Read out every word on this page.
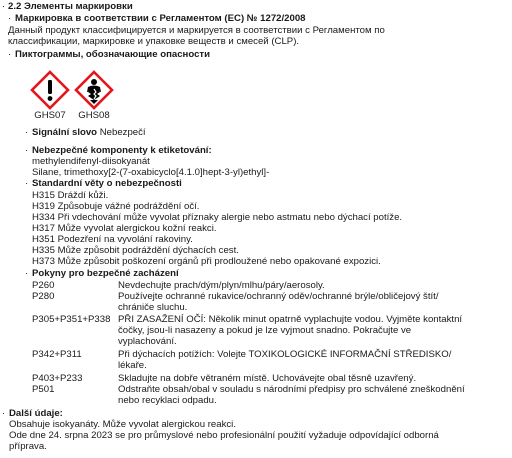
· 2.2 Элементы маркировки
· Маркировка в соответствии с Регламентом (ЕС) № 1272/2008
Данный продукт классифицируется и маркируется в соответствии с Регламентом по
классификации, маркировке и упаковке веществ и смесей (CLP).
· Пиктограммы, обозначающие опасности
GHS07	GHS08
· Signální slovo Nebezpečí
· Nebezpečné komponenty k etiketování:
methylendifenyl-diisokyanát
Silane, trimethoxy[2-(7-oxabicyclo[4.1.0]hept-3-yl)ethyl]-
· Standardní věty o nebezpečnosti
H315 Dráždí kůži.
H319 Způsobuje vážné podráždění očí.
H334 Při vdechování může vyvolat příznaky alergie nebo astmatu nebo dýchací potíže.
H317 Může vyvolat alergickou kožní reakci.
H351 Podezření na vyvolání rakoviny.
H335 Může způsobit podráždění dýchacích cest.
H373 Může způsobit poškození orgánů při prodloužené nebo opakované expozici.
· Pokyny pro bezpečné zacházení
P260	Nevdechujte prach/dým/plyn/mlhu/páry/aerosoly.
P280	Používejte ochranné rukavice/ochranný oděv/ochranné brýle/obličejový štít/
chrániče sluchu.
P305+P351+P338 PŘI ZASAŽENÍ OČÍ: Několik minut opatrně vyplachujte vodou. Vyjměte kontaktní
čočky, jsou-li nasazeny a pokud je lze vyjmout snadno. Pokračujte ve
vyplachování.
P342+P311	Při dýchacích potížích: Volejte TOXIKOLOGICKÉ INFORMAČNÍ STŘEDISKO/
lékaře.
P403+P233	Skladujte na dobře větraném místě. Uchovávejte obal těsně uzavřený.
P501	Odstraňte obsah/obal v souladu s národními předpisy pro schválené zneškodnění
nebo recyklaci odpadu.
· Další údaje:
Obsahuje isokyanáty. Může vyvolat alergickou reakci.
Ode dne 24. srpna 2023 se pro průmyslové nebo profesionální použití vyžaduje odpovídající odborná
příprava.
